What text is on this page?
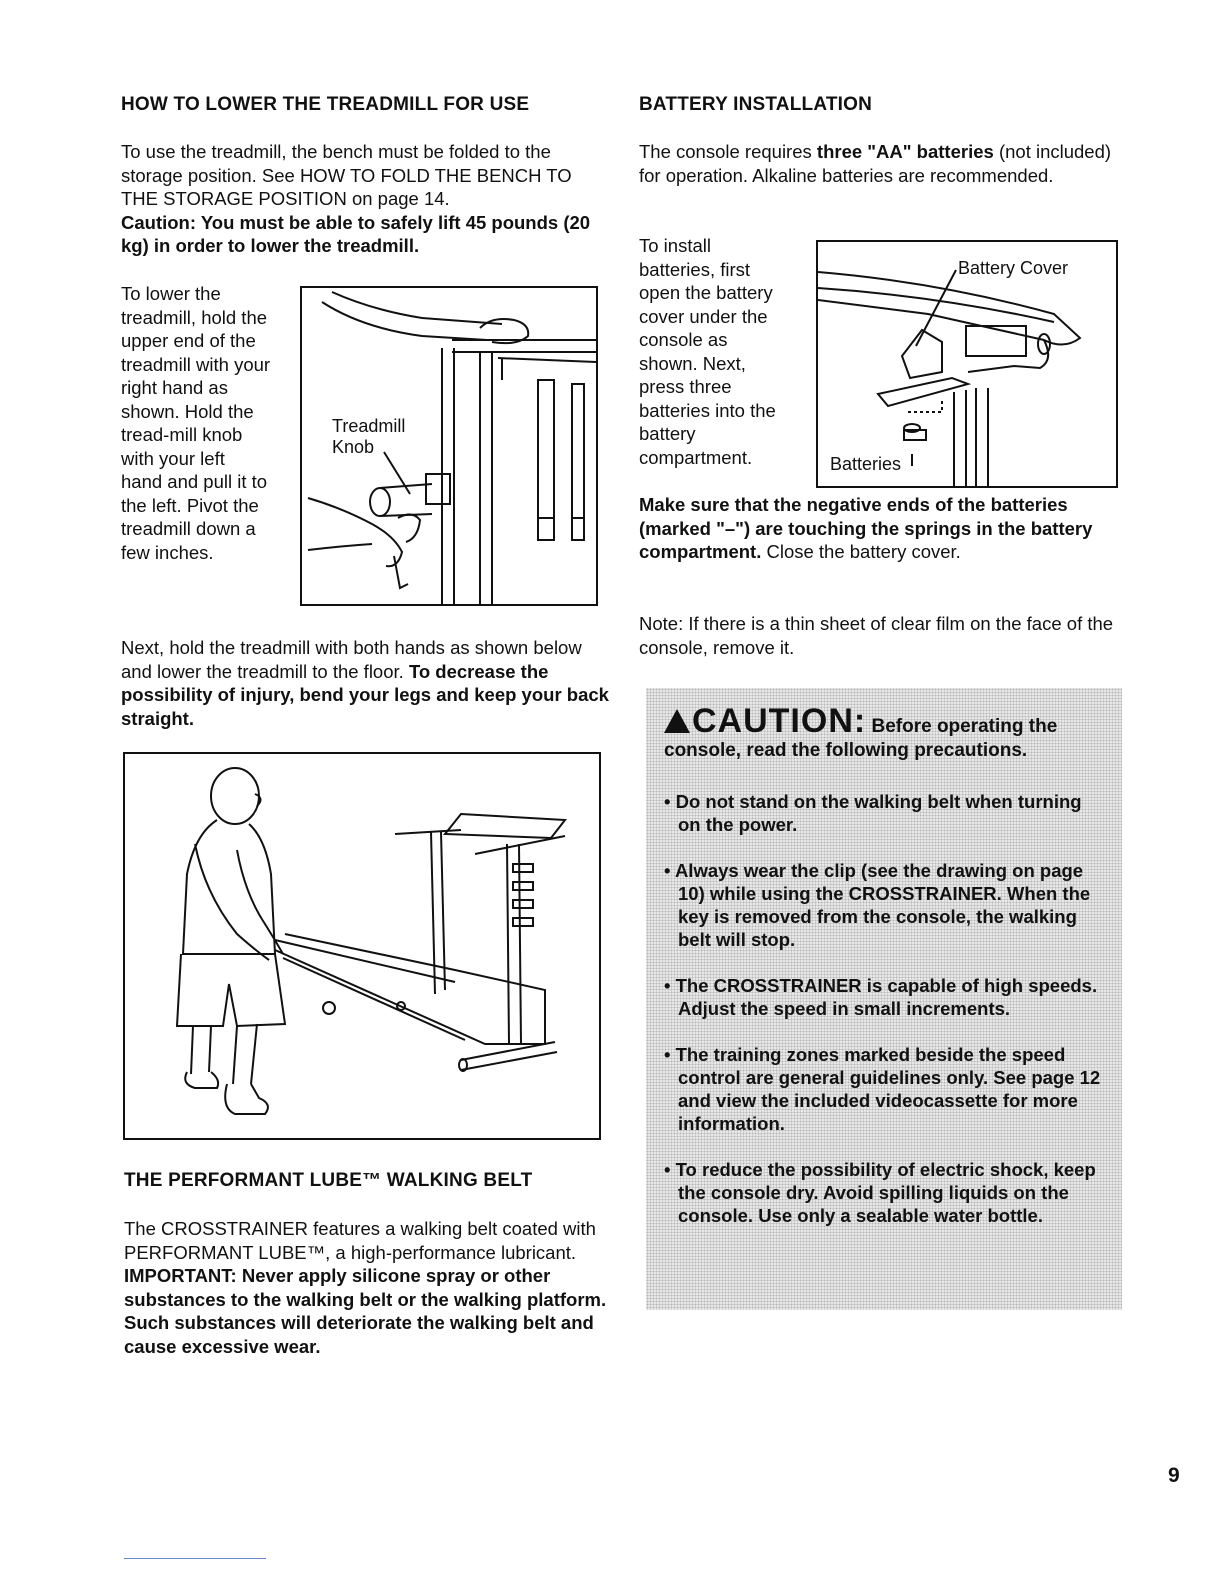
HOW TO LOWER THE TREADMILL FOR USE

To use the treadmill, the bench must be folded to the storage position. See HOW TO FOLD THE BENCH TO THE STORAGE POSITION on page 14.

Caution: You must be able to safely lift 45 pounds (20 kg) in order to lower the treadmill.

To lower the treadmill, hold the upper end of the treadmill with your right hand as shown. Hold the tread-mill knob with your left hand and pull it to the left. Pivot the treadmill down a few inches.
Treadmill Knob
Next, hold the treadmill with both hands as shown below and lower the treadmill to the floor. To decrease the possibility of injury, bend your legs and keep your back straight.
THE PERFORMANT LUBE™ WALKING BELT
The CROSSTRAINER features a walking belt coated with PERFORMANT LUBE™, a high-performance lubricant. IMPORTANT: Never apply silicone spray or other substances to the walking belt or the walking platform. Such substances will deteriorate the walking belt and cause excessive wear.
BATTERY INSTALLATION
The console requires three "AA" batteries (not included) for operation. Alkaline batteries are recommended.
To install batteries, first open the battery cover under the console as shown. Next, press three batteries into the battery compartment.
Make sure that the negative ends of the batteries (marked "–") are touching the springs in the battery compartment. Close the battery cover.
Battery Cover
Batteries
Note: If there is a thin sheet of clear film on the face of the console, remove it.
CAUTION: Before operating the console, read the following precautions.
• Do not stand on the walking belt when turning on the power.
• Always wear the clip (see the drawing on page 10) while using the CROSSTRAINER. When the key is removed from the console, the walking belt will stop.
• The CROSSTRAINER is capable of high speeds. Adjust the speed in small increments.
• The training zones marked beside the speed control are general guidelines only. See page 12 and view the included videocassette for more information.
• To reduce the possibility of electric shock, keep the console dry. Avoid spilling liquids on the console. Use only a sealable water bottle.
9
